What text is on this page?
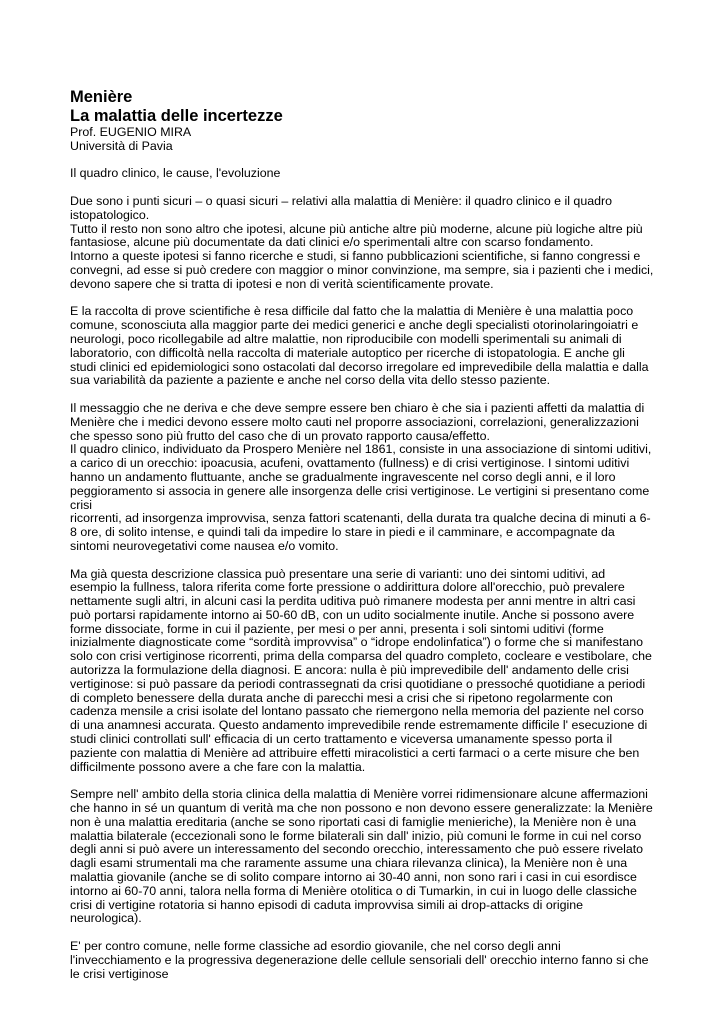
Menière
La malattia delle incertezze
Prof. EUGENIO MIRA
Università di Pavia
Il quadro clinico, le cause, l'evoluzione

Due sono i punti sicuri – o quasi sicuri – relativi alla malattia di Menière: il quadro clinico e il quadro istopatologico.
Tutto il resto non sono altro che ipotesi, alcune più antiche altre più moderne, alcune più logiche altre più fantasiose, alcune più documentate da dati clinici e/o sperimentali altre con scarso fondamento.
Intorno a queste ipotesi si fanno ricerche e studi, si fanno pubblicazioni scientifiche, si fanno congressi e convegni, ad esse si può credere con maggior o minor convinzione, ma sempre, sia i pazienti che i medici, devono sapere che si tratta di ipotesi e non di verità scientificamente provate.

E la raccolta di prove scientifiche è resa difficile dal fatto che la malattia di Menière è una malattia poco comune, sconosciuta alla maggior parte dei medici generici e anche degli specialisti otorinolaringoiatri e neurologi, poco ricollegabile ad altre malattie, non riproducibile con modelli sperimentali su animali di laboratorio, con difficoltà nella raccolta di materiale autoptico per ricerche di istopatologia. E anche gli studi clinici ed epidemiologici sono ostacolati dal decorso irregolare ed imprevedibile della malattia e dalla sua variabilità da paziente a paziente e anche nel corso della vita dello stesso paziente.

Il messaggio che ne deriva e che deve sempre essere ben chiaro è che sia i pazienti affetti da malattia di Menière che i medici devono essere molto cauti nel proporre associazioni, correlazioni, generalizzazioni che spesso sono più frutto del caso che di un provato rapporto causa/effetto.
Il quadro clinico, individuato da Prospero Menière nel 1861, consiste in una associazione di sintomi uditivi, a carico di un orecchio: ipoacusia, acufeni, ovattamento (fullness) e di crisi vertiginose. I sintomi uditivi hanno un andamento fluttuante, anche se gradualmente ingravescente nel corso degli anni, e il loro peggioramento si associa in genere alle insorgenza delle crisi vertiginose. Le vertigini si presentano come crisi
ricorrenti, ad insorgenza improvvisa, senza fattori scatenanti, della durata tra qualche decina di minuti a 6-8 ore, di solito intense, e quindi tali da impedire lo stare in piedi e il camminare, e accompagnate da sintomi neurovegetativi come nausea e/o vomito.

Ma già questa descrizione classica può presentare una serie di varianti: uno dei sintomi uditivi, ad esempio la fullness, talora riferita come forte pressione o addirittura dolore all'orecchio, può prevalere nettamente sugli altri, in alcuni casi la perdita uditiva può rimanere modesta per anni mentre in altri casi può portarsi rapidamente intorno ai 50-60 dB, con un udito socialmente inutile. Anche si possono avere forme dissociate, forme in cui il paziente, per mesi o per anni, presenta i soli sintomi uditivi (forme inizialmente diagnosticate come “sordità improvvisa” o “idrope endolinfatica”) o forme che si manifestano solo con crisi vertiginose ricorrenti, prima della comparsa del quadro completo, cocleare e vestibolare, che autorizza la formulazione della diagnosi. E ancora: nulla è più imprevedibile dell' andamento delle crisi vertiginose: si può passare da periodi contrassegnati da crisi quotidiane o pressoché quotidiane a periodi di completo benessere della durata anche di parecchi mesi a crisi che si ripetono regolarmente con cadenza mensile a crisi isolate del lontano passato che riemergono nella memoria del paziente nel corso di una anamnesi accurata. Questo andamento imprevedibile rende estremamente difficile l' esecuzione di studi clinici controllati sull' efficacia di un certo trattamento e viceversa umanamente spesso porta il paziente con malattia di Menière ad attribuire effetti miracolistici a certi farmaci o a certe misure che ben difficilmente possono avere a che fare con la malattia.

Sempre nell' ambito della storia clinica della malattia di Menière vorrei ridimensionare alcune affermazioni che hanno in sé un quantum di verità ma che non possono e non devono essere generalizzate: la Menière non è una malattia ereditaria (anche se sono riportati casi di famiglie menieriche), la Menière non è una malattia bilaterale (eccezionali sono le forme bilaterali sin dall' inizio, più comuni le forme in cui nel corso degli anni si può avere un interessamento del secondo orecchio, interessamento che può essere rivelato dagli esami strumentali ma che raramente assume una chiara rilevanza clinica), la Menière non è una malattia giovanile (anche se di solito compare intorno ai 30-40 anni, non sono rari i casi in cui esordisce intorno ai 60-70 anni, talora nella forma di Menière otolitica o di Tumarkin, in cui in luogo delle classiche crisi di vertigine rotatoria si hanno episodi di caduta improvvisa simili ai drop-attacks di origine neurologica).

E' per contro comune, nelle forme classiche ad esordio giovanile, che nel corso degli anni l'invecchiamento e la progressiva degenerazione delle cellule sensoriali dell' orecchio interno fanno si che le crisi vertiginose
